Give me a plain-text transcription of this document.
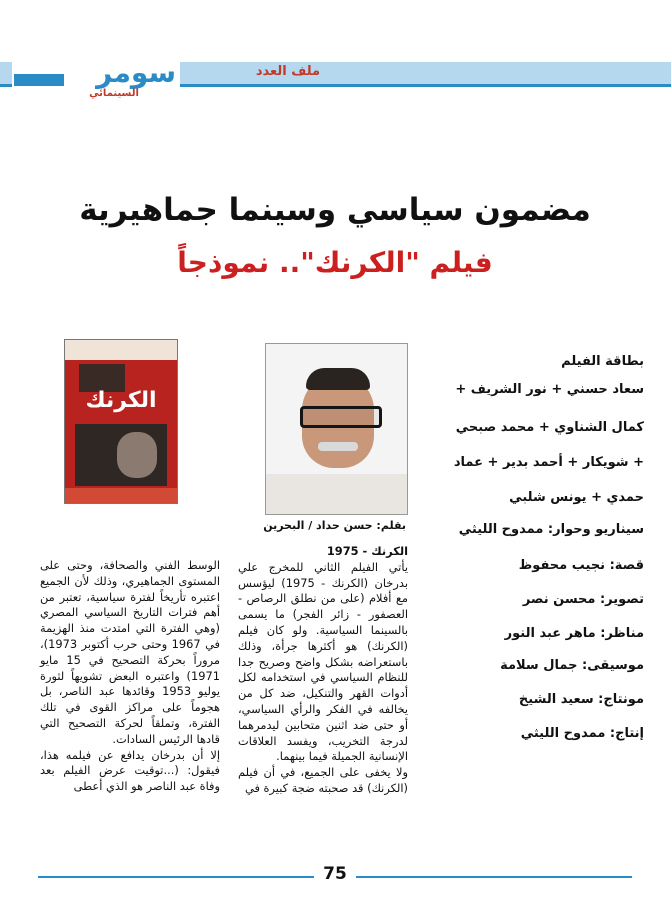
سومر
السينمائي
ملف العدد
مضمون سياسي وسينما جماهيرية
فيلم "الكرنك".. نموذجاً
الكرنك
بقلم: حسن حداد / البحرين
بطاقة الفيلم
سعاد حسني + نور الشريف +
كمال الشناوي + محمد صبحي
+ شويكار + أحمد بدير + عماد
حمدي + يونس شلبي
سيناريو وحوار: ممدوح الليثي
قصة: نجيب محفوظ
تصوير: محسن نصر
مناظر: ماهر عبد النور
موسيقى: جمال سلامة
مونتاج: سعيد الشيخ
إنتاج: ممدوح الليثي

الكرنك - 1975

يأتي الفيلم الثاني للمخرج علي بدرخان (الكرنك - 1975) ليؤسس مع أفلام (على من نطلق الرصاص - العصفور - زائر الفجر) ما يسمى بالسينما السياسية. ولو كان فيلم (الكرنك) هو أكثرها جرأة، وذلك باستعراضه بشكل واضح وصريح جدا للنظام السياسي في استخدامه لكل أدوات القهر والتنكيل، ضد كل من يخالفه في الفكر والرأي السياسي، أو حتى ضد اثنين متحابين ليدمرهما لدرجة التخريب، ويفسد العلاقات الإنسانية الجميلة فيما بينهما.

ولا يخفى على الجميع، في أن فيلم (الكرنك) قد صحبته ضجة كبيرة في

الوسط الفني والصحافة، وحتى على المستوى الجماهيري، وذلك لأن الجميع اعتبره تأريخاً لفترة سياسية، تعتبر من أهم فترات التاريخ السياسي المصري (وهي الفترة التي امتدت منذ الهزيمة في 1967 وحتى حرب أكتوبر 1973)، مروراً بحركة التصحيح في 15 مايو 1971) واعتبره البعض تشويهاً لثورة يوليو 1953 وقائدها عبد الناصر، بل هجوماً على مراكز القوى في تلك الفترة، وتملقاً لحركة التصحيح التي قادها الرئيس السادات.

إلا أن بدرخان يدافع عن فيلمه هذا، فيقول: (...توقيت عرض الفيلم بعد وفاة عبد الناصر هو الذي أعطى

75
